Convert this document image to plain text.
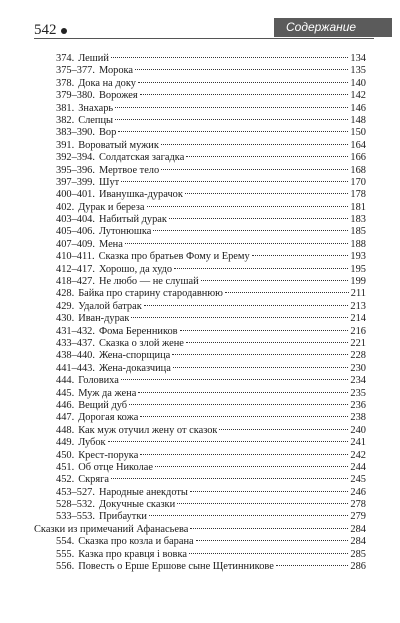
542	Содержание
374. Леший	134
375–377. Морока	135
378. Дока на доку	140
379–380. Ворожея	142
381. Знахарь	146
382. Слепцы	148
383–390. Вор	150
391. Вороватый мужик	164
392–394. Солдатская загадка	166
395–396. Мертвое тело	168
397–399. Шут	170
400–401. Иванушка-дурачок	178
402. Дурак и береза	181
403–404. Набитый дурак	183
405–406. Лутонюшка	185
407–409. Мена	188
410–411. Сказка про братьев Фому и Ерему	193
412–417. Хорошо, да худо	195
418–427. Не любо — не слушай	199
428. Байка про старину стародавнюю	211
429. Удалой батрак	213
430. Иван-дурак	214
431–432. Фома Беренников	216
433–437. Сказка о злой жене	221
438–440. Жена-спорщица	228
441–443. Жена-доказчица	230
444. Головиха	234
445. Муж да жена	235
446. Вещий дуб	236
447. Дорогая кожа	238
448. Как муж отучил жену от сказок	240
449. Лубок	241
450. Крест-порука	242
451. Об отце Николае	244
452. Скряга	245
453–527. Народные анекдоты	246
528–532. Докучные сказки	278
533–553. Прибаутки	279
Сказки из примечаний Афанасьева	284
554. Сказка про козла и барана	284
555. Казка про кравця і вовка	285
556. Повесть о Ерше Ершове сыне Щетинникове	286
